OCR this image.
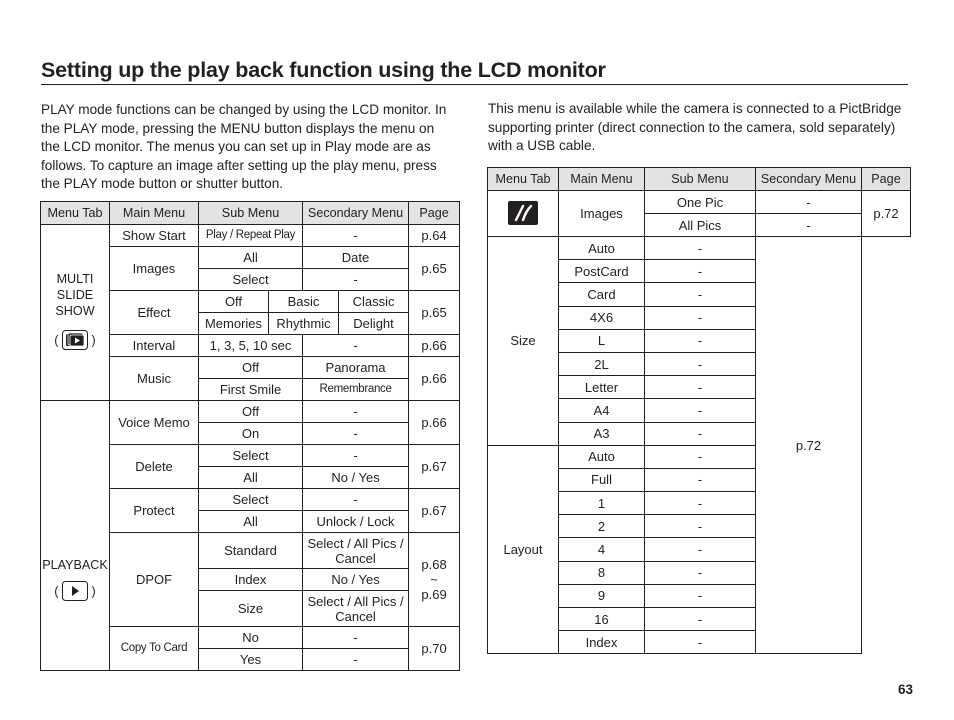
Setting up the play back function using the LCD monitor

PLAY mode functions can be changed by using the LCD monitor. In the PLAY mode, pressing the MENU button displays the menu on the LCD monitor. The menus you can set up in Play mode are as follows. To capture an image after setting up the play menu, press the PLAY mode button or shutter button.

This menu is available while the camera is connected to a PictBridge supporting printer (direct connection to the camera, sold separately) with a USB cable.

Menu Tab	Main Menu	Sub Menu		Secondary Menu		Page

MULTI
SLIDE
SHOW
( )	Show Start	Play / Repeat Play		-		p.64
	Images	All		Date		p.65
		Select		-		
	Effect	Off	Basic		Classic	p.65
		Memories	Rhythmic		Delight	
	Interval	1, 3, 5, 10 sec		-		p.66
	Music	Off		Panorama		p.66
		First Smile		Remembrance		

PLAYBACK
( )	Voice Memo	Off		-		p.66
		On		-		
	Delete	Select		-		p.67
		All		No / Yes		
	Protect	Select		-		p.67
		All		Unlock / Lock		
	DPOF	Standard		Select / All Pics / Cancel		p.68
~
p.69

		Index		No / Yes		
		Size		Select / All Pics / Cancel		
	Copy To Card	No		-		p.70
		Yes		-		
Menu Tab	Main Menu	Sub Menu	Secondary Menu	Page
	Images	One Pic	-	p.72
		All Pics	-	
Size	Auto	-	p.72	
	PostCard	-		
	Card	-		
	4X6	-		
	L	-		
	2L	-		
	Letter	-		
	A4	-		
	A3	-		
Layout	Auto	-		
	Full	-		
	1	-		
	2	-		
	4	-		
	8	-		
	9	-		
	16	-		
	Index	-		
63
